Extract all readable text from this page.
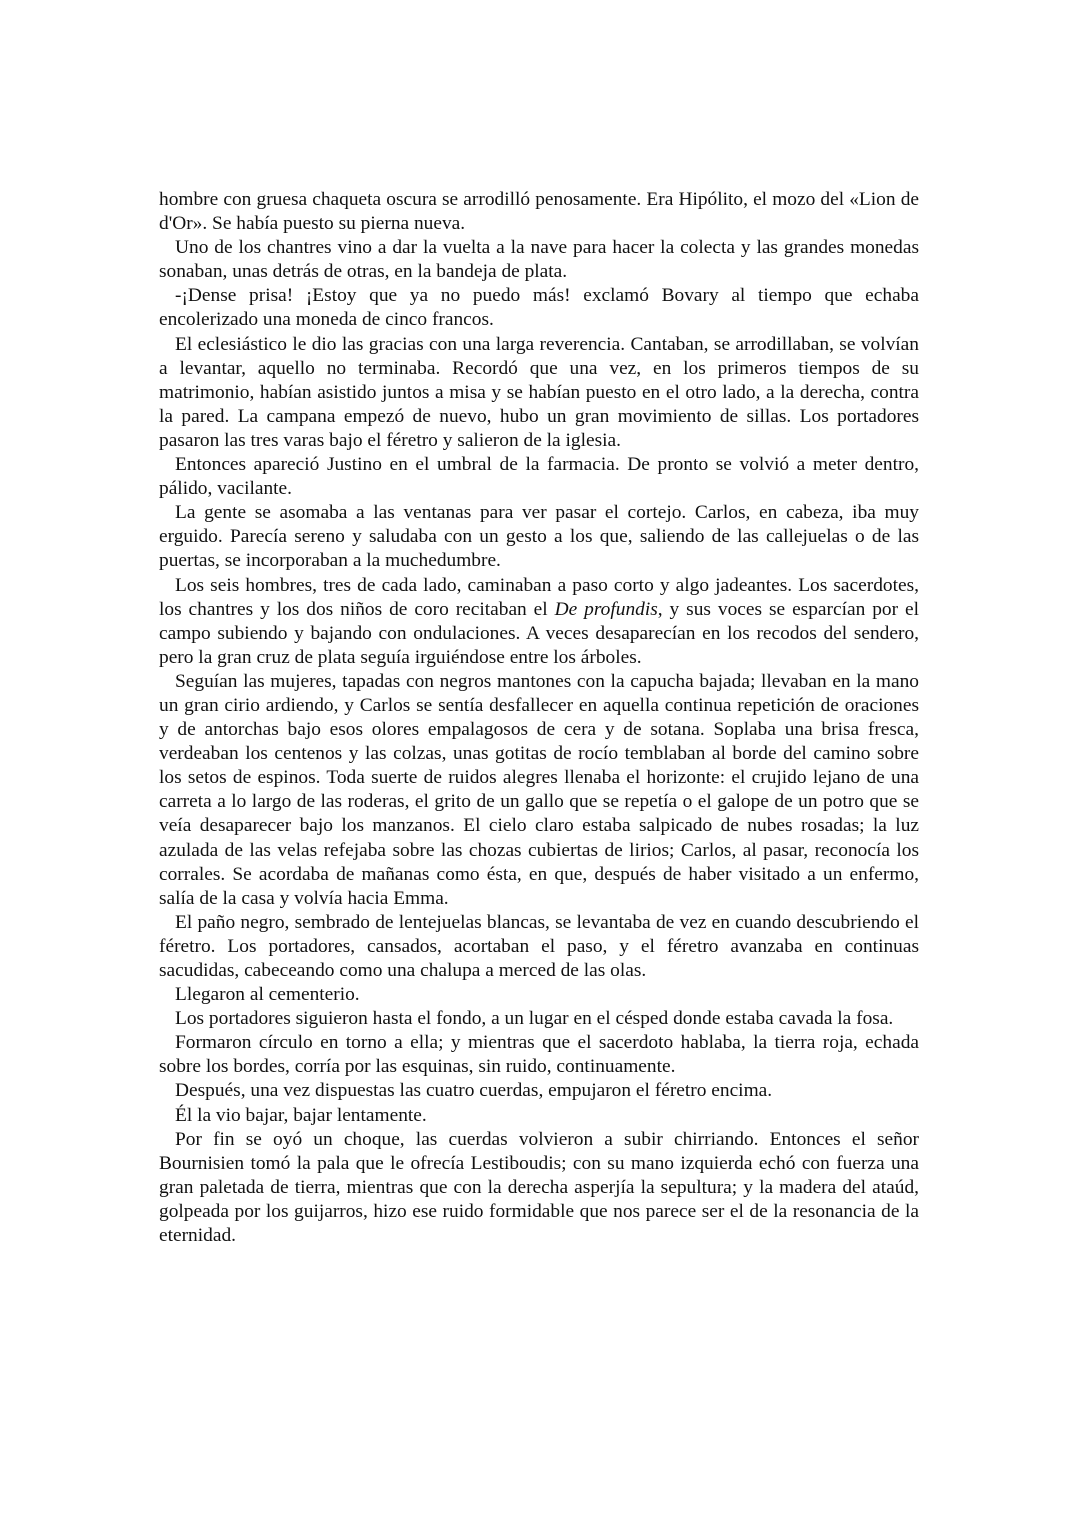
hombre con gruesa chaqueta oscura se arrodilló penosamente. Era Hipólito, el mozo del «Lion de d'Or». Se había puesto su pierna nueva.

Uno de los chantres vino a dar la vuelta a la nave para hacer la colecta y las grandes monedas sonaban, unas detrás de otras, en la bandeja de plata.

-¡Dense prisa! ¡Estoy que ya no puedo más! exclamó Bovary al tiempo que echaba encolerizado una moneda de cinco francos.

El eclesiástico le dio las gracias con una larga reverencia. Cantaban, se arrodillaban, se volvían a levantar, aquello no terminaba. Recordó que una vez, en los primeros tiempos de su matrimonio, habían asistido juntos a misa y se habían puesto en el otro lado, a la derecha, contra la pared. La campana empezó de nuevo, hubo un gran movimiento de sillas. Los portadores pasaron las tres varas bajo el féretro y salieron de la iglesia.

Entonces apareció Justino en el umbral de la farmacia. De pronto se volvió a meter dentro, pálido, vacilante.

La gente se asomaba a las ventanas para ver pasar el cortejo. Carlos, en cabeza, iba muy erguido. Parecía sereno y saludaba con un gesto a los que, saliendo de las callejuelas o de las puertas, se incorporaban a la muchedumbre.

Los seis hombres, tres de cada lado, caminaban a paso corto y algo jadeantes. Los sacerdotes, los chantres y los dos niños de coro recitaban el De profundis, y sus voces se esparcían por el campo subiendo y bajando con ondulaciones. A veces desaparecían en los recodos del sendero, pero la gran cruz de plata seguía irguiéndose entre los árboles.

Seguían las mujeres, tapadas con negros mantones con la capucha bajada; llevaban en la mano un gran cirio ardiendo, y Carlos se sentía desfallecer en aquella continua repetición de oraciones y de antorchas bajo esos olores empalagosos de cera y de sotana. Soplaba una brisa fresca, verdeaban los centenos y las colzas, unas gotitas de rocío temblaban al borde del camino sobre los setos de espinos. Toda suerte de ruidos alegres llenaba el horizonte: el crujido lejano de una carreta a lo largo de las roderas, el grito de un gallo que se repetía o el galope de un potro que se veía desaparecer bajo los manzanos. El cielo claro estaba salpicado de nubes rosadas; la luz azulada de las velas refejaba sobre las chozas cubiertas de lirios; Carlos, al pasar, reconocía los corrales. Se acordaba de mañanas como ésta, en que, después de haber visitado a un enfermo, salía de la casa y volvía hacia Emma.

El paño negro, sembrado de lentejuelas blancas, se levantaba de vez en cuando descubriendo el féretro. Los portadores, cansados, acortaban el paso, y el féretro avanzaba en continuas sacudidas, cabeceando como una chalupa a merced de las olas.

Llegaron al cementerio.

Los portadores siguieron hasta el fondo, a un lugar en el césped donde estaba cavada la fosa.

Formaron círculo en torno a ella; y mientras que el sacerdoto hablaba, la tierra roja, echada sobre los bordes, corría por las esquinas, sin ruido, continuamente.

Después, una vez dispuestas las cuatro cuerdas, empujaron el féretro encima.

Él la vio bajar, bajar lentamente.

Por fin se oyó un choque, las cuerdas volvieron a subir chirriando. Entonces el señor Bournisien tomó la pala que le ofrecía Lestiboudis; con su mano izquierda echó con fuerza una gran paletada de tierra, mientras que con la derecha asperjía la sepultura; y la madera del ataúd, golpeada por los guijarros, hizo ese ruido formidable que nos parece ser el de la resonancia de la eternidad.
